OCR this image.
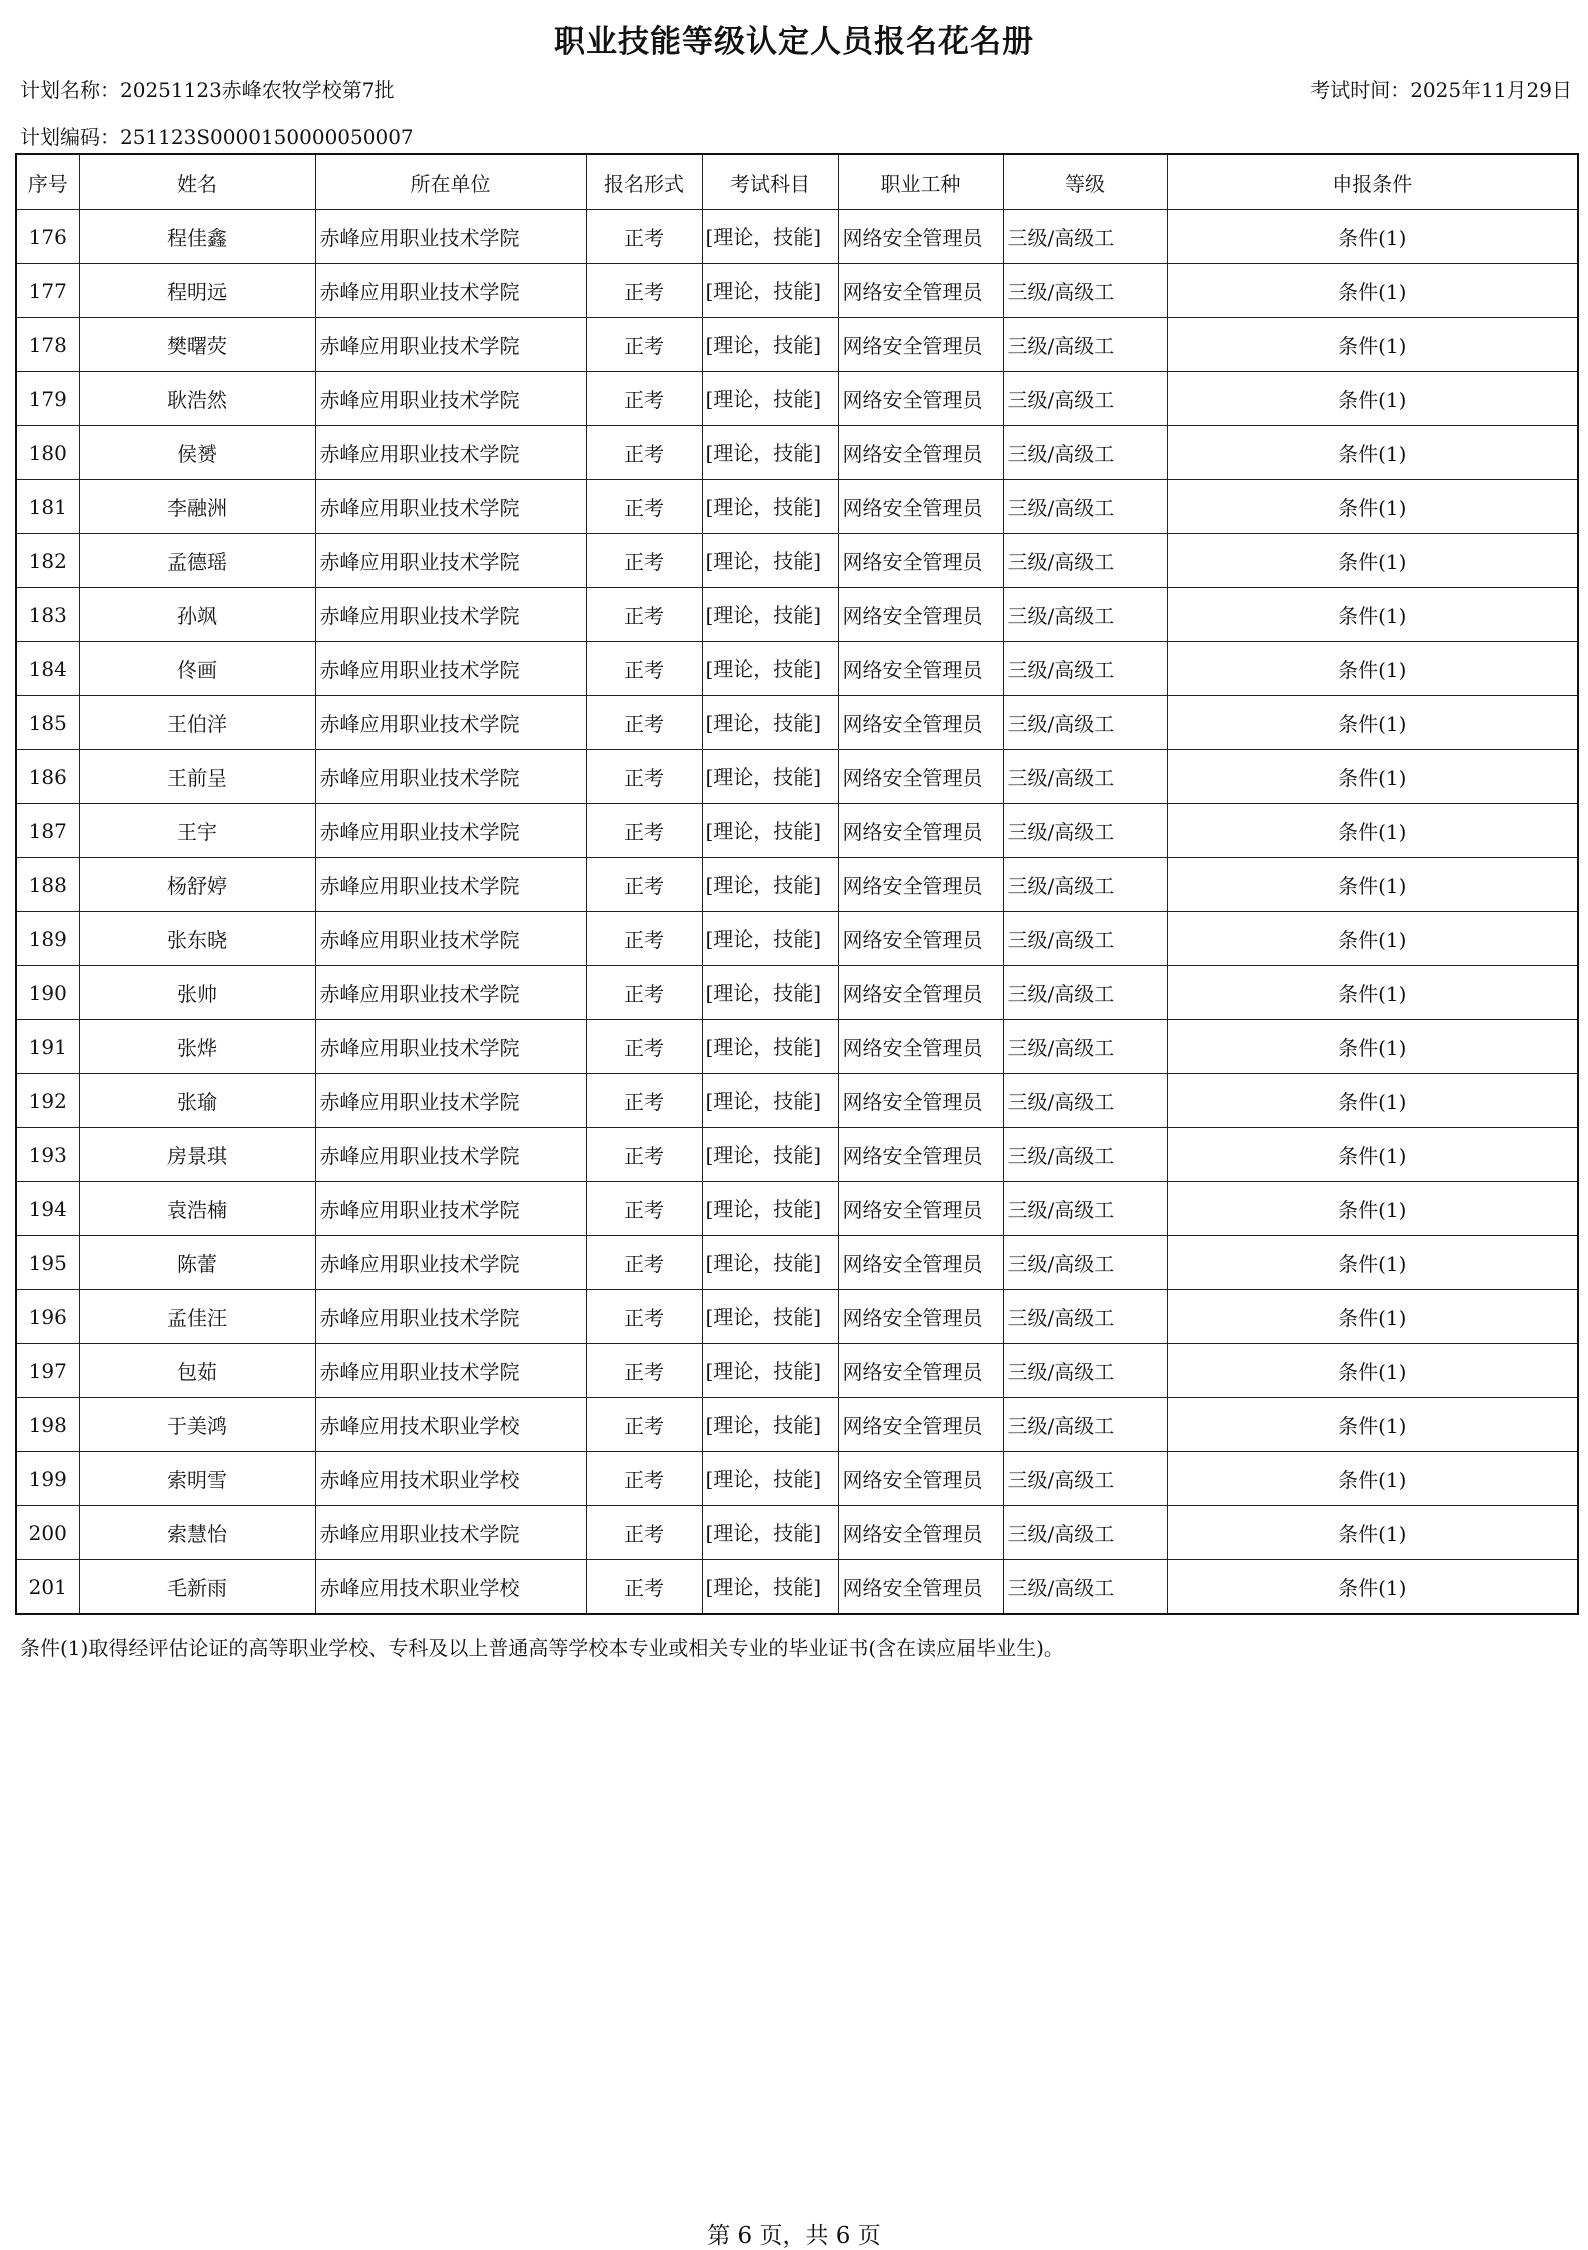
职业技能等级认定人员报名花名册
计划名称：20251123赤峰农牧学校第7批	考试时间：2025年11月29日
计划编码：251123S0000150000050007
序号	姓名	所在单位	报名形式	考试科目	职业工种	等级	申报条件
176	程佳鑫	赤峰应用职业技术学院	正考	[理论，技能]	网络安全管理员	三级/高级工	条件(1)
177	程明远	赤峰应用职业技术学院	正考	[理论，技能]	网络安全管理员	三级/高级工	条件(1)
178	樊曙荧	赤峰应用职业技术学院	正考	[理论，技能]	网络安全管理员	三级/高级工	条件(1)
179	耿浩然	赤峰应用职业技术学院	正考	[理论，技能]	网络安全管理员	三级/高级工	条件(1)
180	侯赟	赤峰应用职业技术学院	正考	[理论，技能]	网络安全管理员	三级/高级工	条件(1)
181	李融洲	赤峰应用职业技术学院	正考	[理论，技能]	网络安全管理员	三级/高级工	条件(1)
182	孟德瑶	赤峰应用职业技术学院	正考	[理论，技能]	网络安全管理员	三级/高级工	条件(1)
183	孙飒	赤峰应用职业技术学院	正考	[理论，技能]	网络安全管理员	三级/高级工	条件(1)
184	佟画	赤峰应用职业技术学院	正考	[理论，技能]	网络安全管理员	三级/高级工	条件(1)
185	王伯洋	赤峰应用职业技术学院	正考	[理论，技能]	网络安全管理员	三级/高级工	条件(1)
186	王前呈	赤峰应用职业技术学院	正考	[理论，技能]	网络安全管理员	三级/高级工	条件(1)
187	王宇	赤峰应用职业技术学院	正考	[理论，技能]	网络安全管理员	三级/高级工	条件(1)
188	杨舒婷	赤峰应用职业技术学院	正考	[理论，技能]	网络安全管理员	三级/高级工	条件(1)
189	张东晓	赤峰应用职业技术学院	正考	[理论，技能]	网络安全管理员	三级/高级工	条件(1)
190	张帅	赤峰应用职业技术学院	正考	[理论，技能]	网络安全管理员	三级/高级工	条件(1)
191	张烨	赤峰应用职业技术学院	正考	[理论，技能]	网络安全管理员	三级/高级工	条件(1)
192	张瑜	赤峰应用职业技术学院	正考	[理论，技能]	网络安全管理员	三级/高级工	条件(1)
193	房景琪	赤峰应用职业技术学院	正考	[理论，技能]	网络安全管理员	三级/高级工	条件(1)
194	袁浩楠	赤峰应用职业技术学院	正考	[理论，技能]	网络安全管理员	三级/高级工	条件(1)
195	陈蕾	赤峰应用职业技术学院	正考	[理论，技能]	网络安全管理员	三级/高级工	条件(1)
196	孟佳汪	赤峰应用职业技术学院	正考	[理论，技能]	网络安全管理员	三级/高级工	条件(1)
197	包茹	赤峰应用职业技术学院	正考	[理论，技能]	网络安全管理员	三级/高级工	条件(1)
198	于美鸿	赤峰应用技术职业学校	正考	[理论，技能]	网络安全管理员	三级/高级工	条件(1)
199	索明雪	赤峰应用技术职业学校	正考	[理论，技能]	网络安全管理员	三级/高级工	条件(1)
200	索慧怡	赤峰应用职业技术学院	正考	[理论，技能]	网络安全管理员	三级/高级工	条件(1)
201	毛新雨	赤峰应用技术职业学校	正考	[理论，技能]	网络安全管理员	三级/高级工	条件(1)
条件(1)取得经评估论证的高等职业学校、专科及以上普通高等学校本专业或相关专业的毕业证书(含在读应届毕业生)。
第 6 页，共 6 页
